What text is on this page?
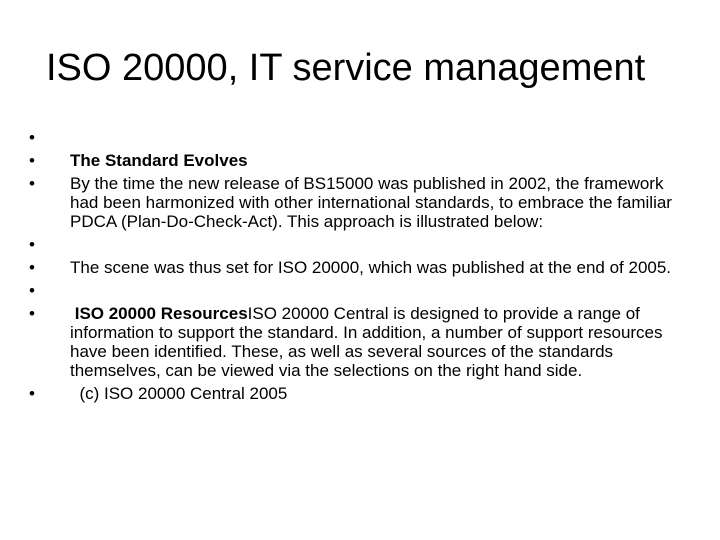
ISO 20000, IT service management
•
• The Standard Evolves
• By the time the new release of BS15000 was published in 2002, the framework had been harmonized with other international standards, to embrace the familiar PDCA (Plan-Do-Check-Act). This approach is illustrated below:
•
• The scene was thus set for ISO 20000, which was published at the end of 2005.
•
• ISO 20000 ResourcesISO 20000 Central is designed to provide a range of information to support the standard. In addition, a number of support resources have been identified. These, as well as several sources of the standards themselves, can be viewed via the selections on the right hand side.
• (c) ISO 20000 Central 2005
